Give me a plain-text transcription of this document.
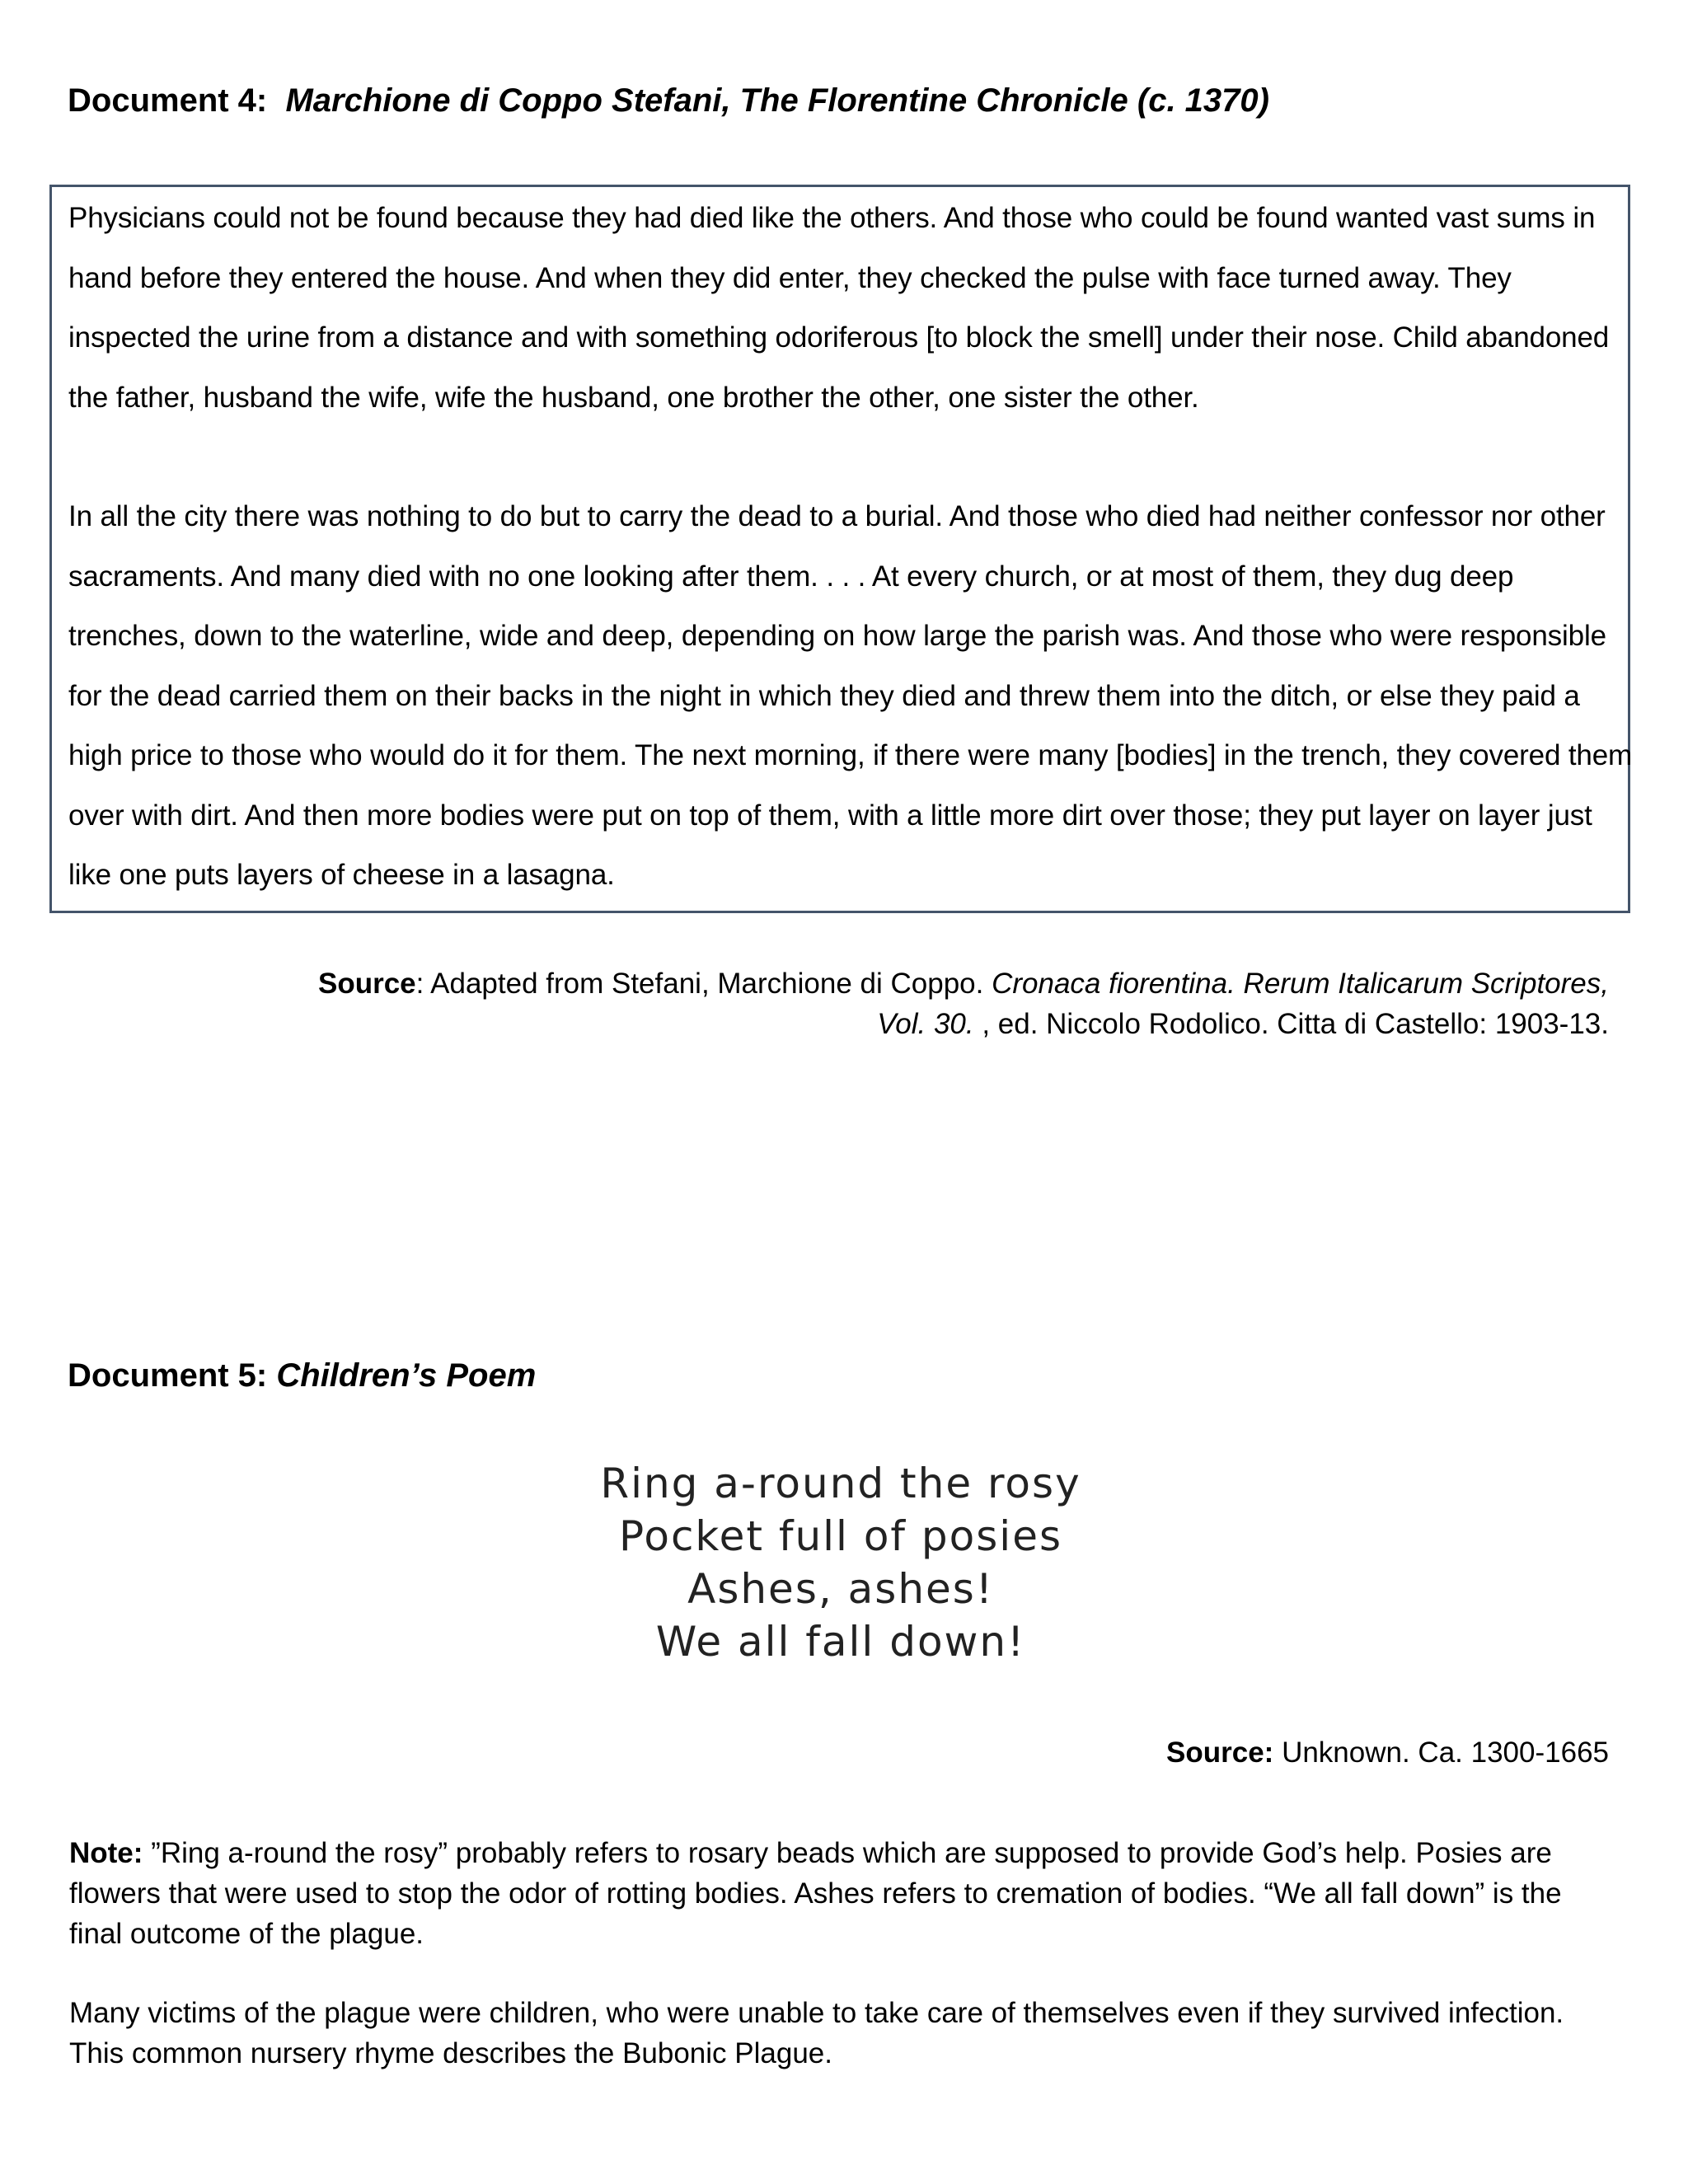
Document 4: Marchione di Coppo Stefani, The Florentine Chronicle (c. 1370)

Physicians could not be found because they had died like the others. And those who could be found wanted vast sums in hand before they entered the house. And when they did enter, they checked the pulse with face turned away. They inspected the urine from a distance and with something odoriferous [to block the smell] under their nose. Child abandoned the father, husband the wife, wife the husband, one brother the other, one sister the other.

In all the city there was nothing to do but to carry the dead to a burial. And those who died had neither confessor nor other sacraments. And many died with no one looking after them. . . . At every church, or at most of them, they dug deep trenches, down to the waterline, wide and deep, depending on how large the parish was. And those who were responsible for the dead carried them on their backs in the night in which they died and threw them into the ditch, or else they paid a high price to those who would do it for them. The next morning, if there were many [bodies] in the trench, they covered them over with dirt. And then more bodies were put on top of them, with a little more dirt over those; they put layer on layer just like one puts layers of cheese in a lasagna.

Source: Adapted from Stefani, Marchione di Coppo. Cronaca fiorentina. Rerum Italicarum Scriptores,
Vol. 30. , ed. Niccolo Rodolico. Citta di Castello: 1903-13.
Document 5: Children’s Poem
Ring a-round the rosy
Pocket full of posies
Ashes, ashes!
We all fall down!
Source: Unknown. Ca. 1300-1665

Note: ”Ring a-round the rosy” probably refers to rosary beads which are supposed to provide God’s help. Posies are flowers that were used to stop the odor of rotting bodies. Ashes refers to cremation of bodies. “We all fall down” is the final outcome of the plague.

Many victims of the plague were children, who were unable to take care of themselves even if they survived infection. This common nursery rhyme describes the Bubonic Plague.
